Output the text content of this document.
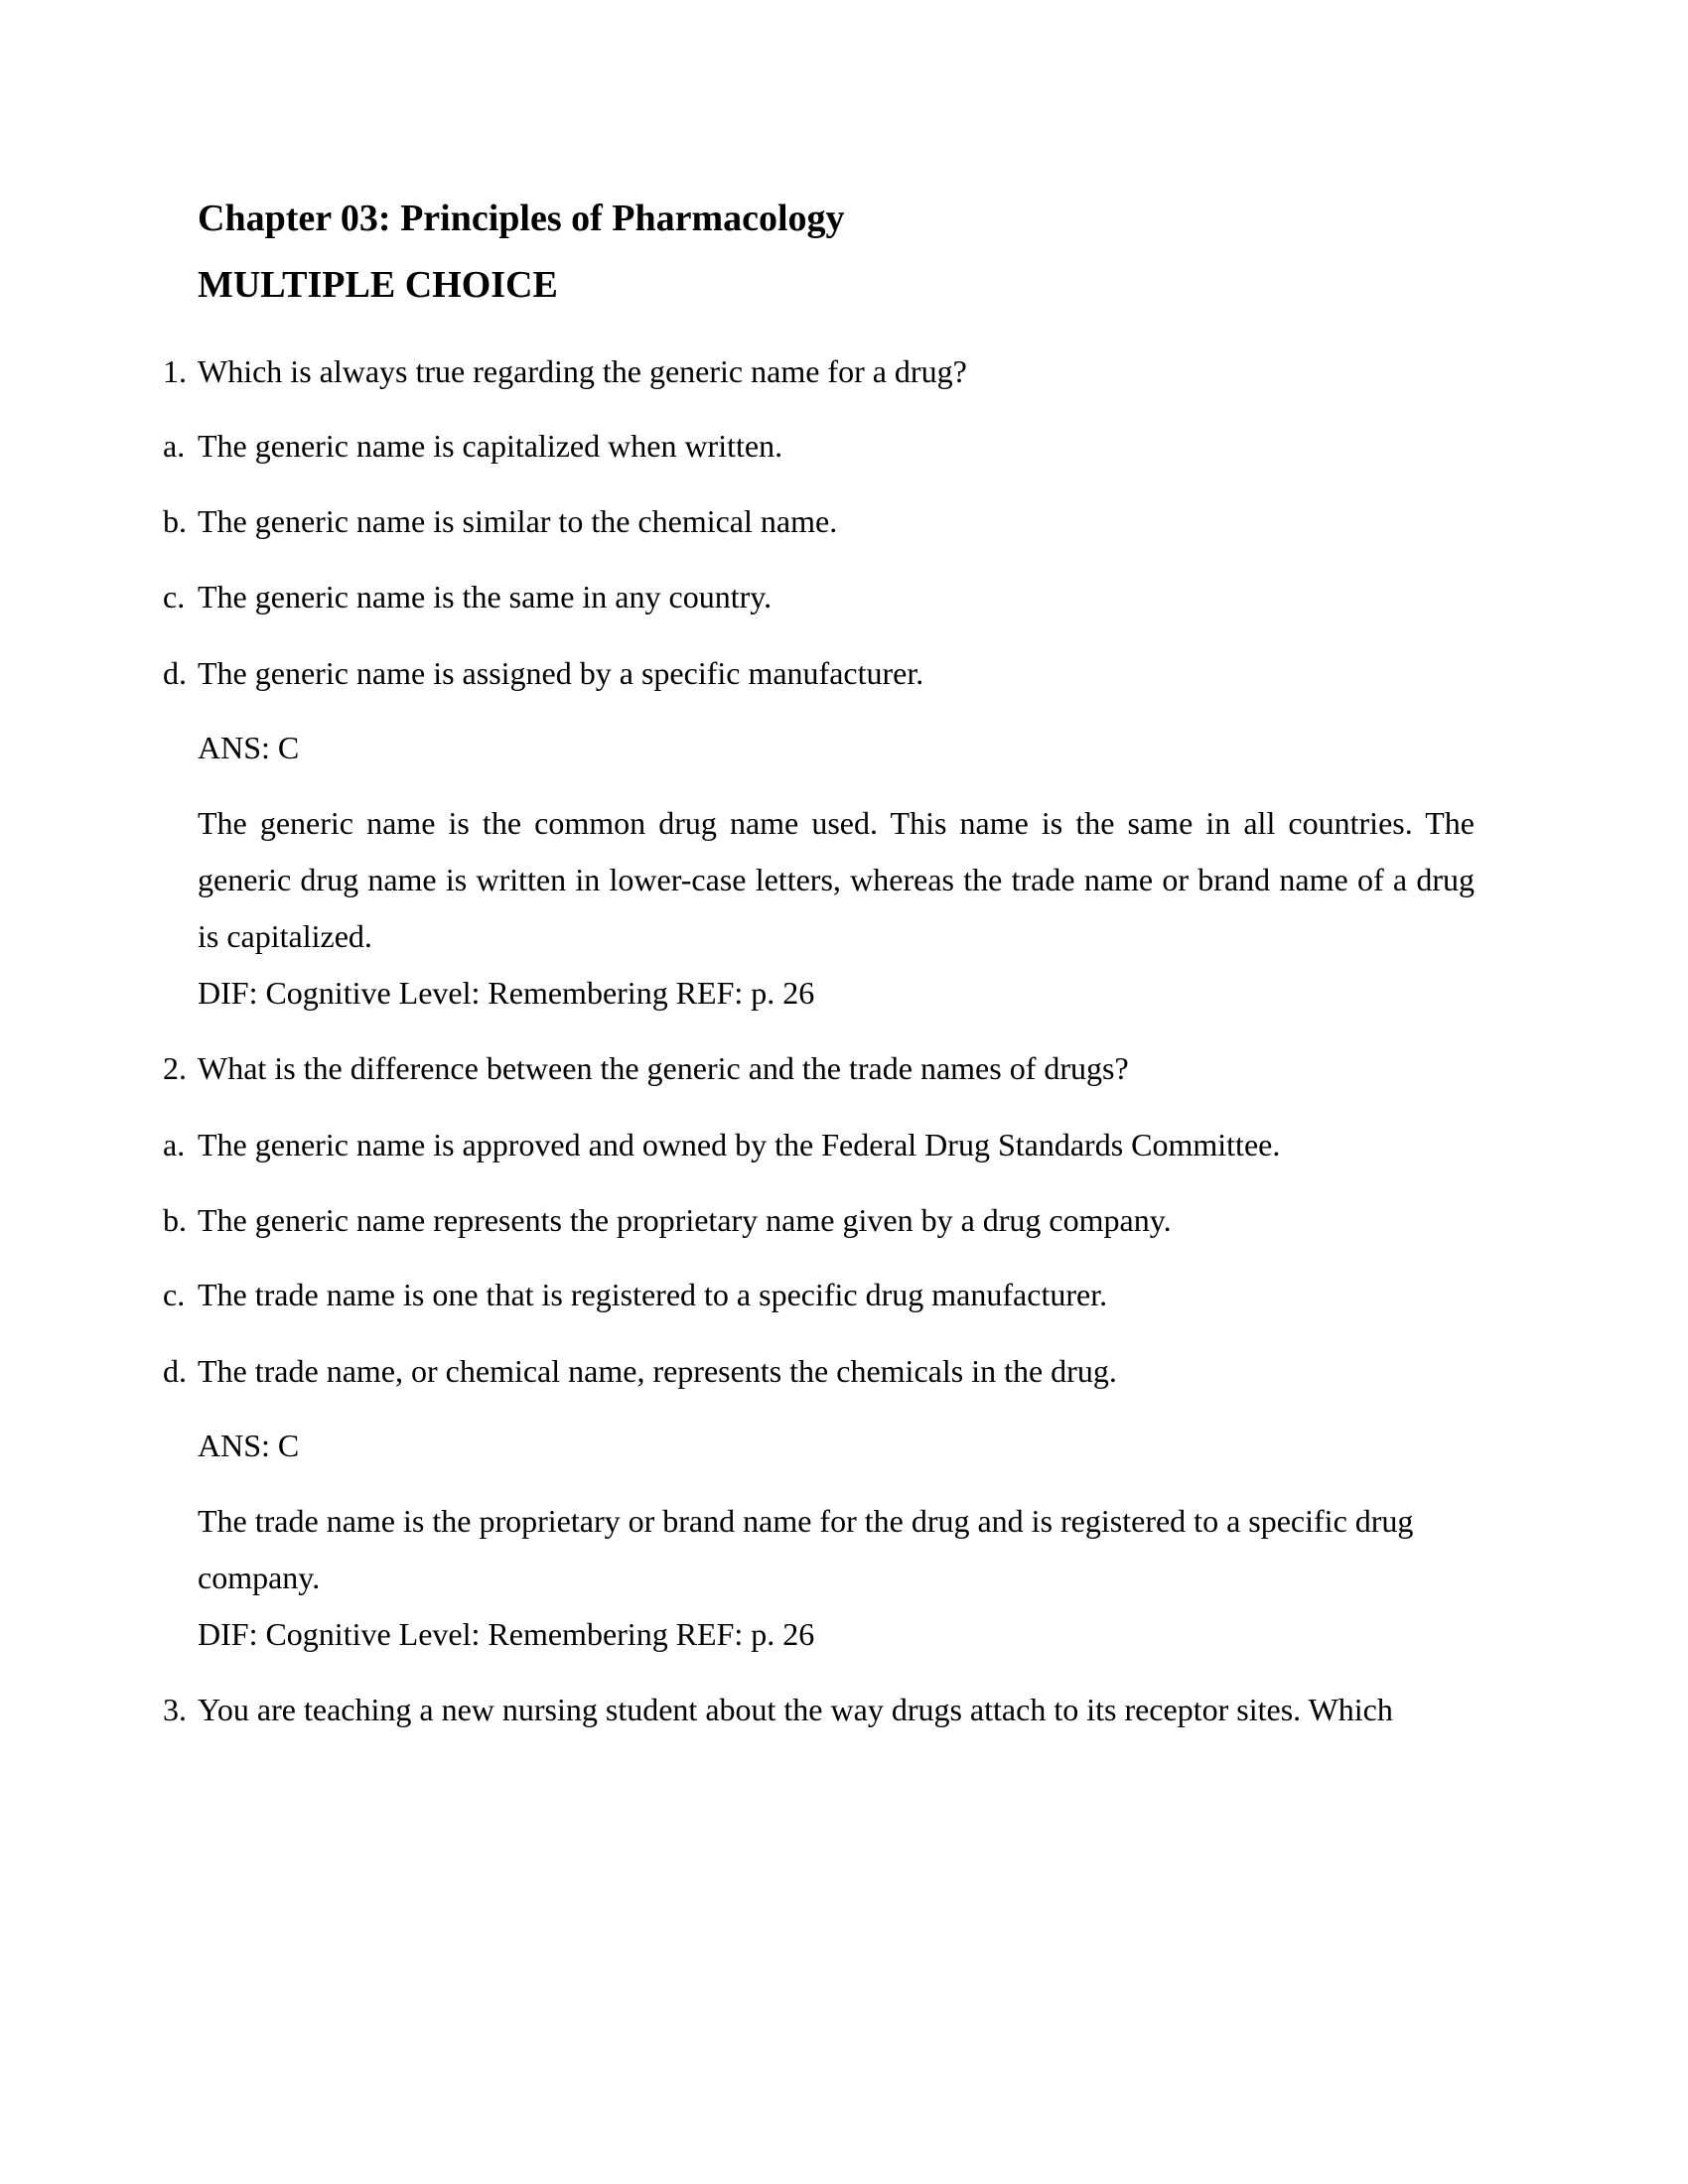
Chapter 03: Principles of Pharmacology
MULTIPLE CHOICE
1. Which is always true regarding the generic name for a drug?
a. The generic name is capitalized when written.
b. The generic name is similar to the chemical name.
c. The generic name is the same in any country.
d. The generic name is assigned by a specific manufacturer.
ANS: C
The generic name is the common drug name used. This name is the same in all countries. The
generic drug name is written in lower-case letters, whereas the trade name or brand name of a drug
is capitalized.
DIF: Cognitive Level: Remembering REF: p. 26
2. What is the difference between the generic and the trade names of drugs?
a. The generic name is approved and owned by the Federal Drug Standards Committee.
b. The generic name represents the proprietary name given by a drug company.
c. The trade name is one that is registered to a specific drug manufacturer.
d. The trade name, or chemical name, represents the chemicals in the drug.
ANS: C
The trade name is the proprietary or brand name for the drug and is registered to a specific drug
company.
DIF: Cognitive Level: Remembering REF: p. 26
3. You are teaching a new nursing student about the way drugs attach to its receptor sites. Which
